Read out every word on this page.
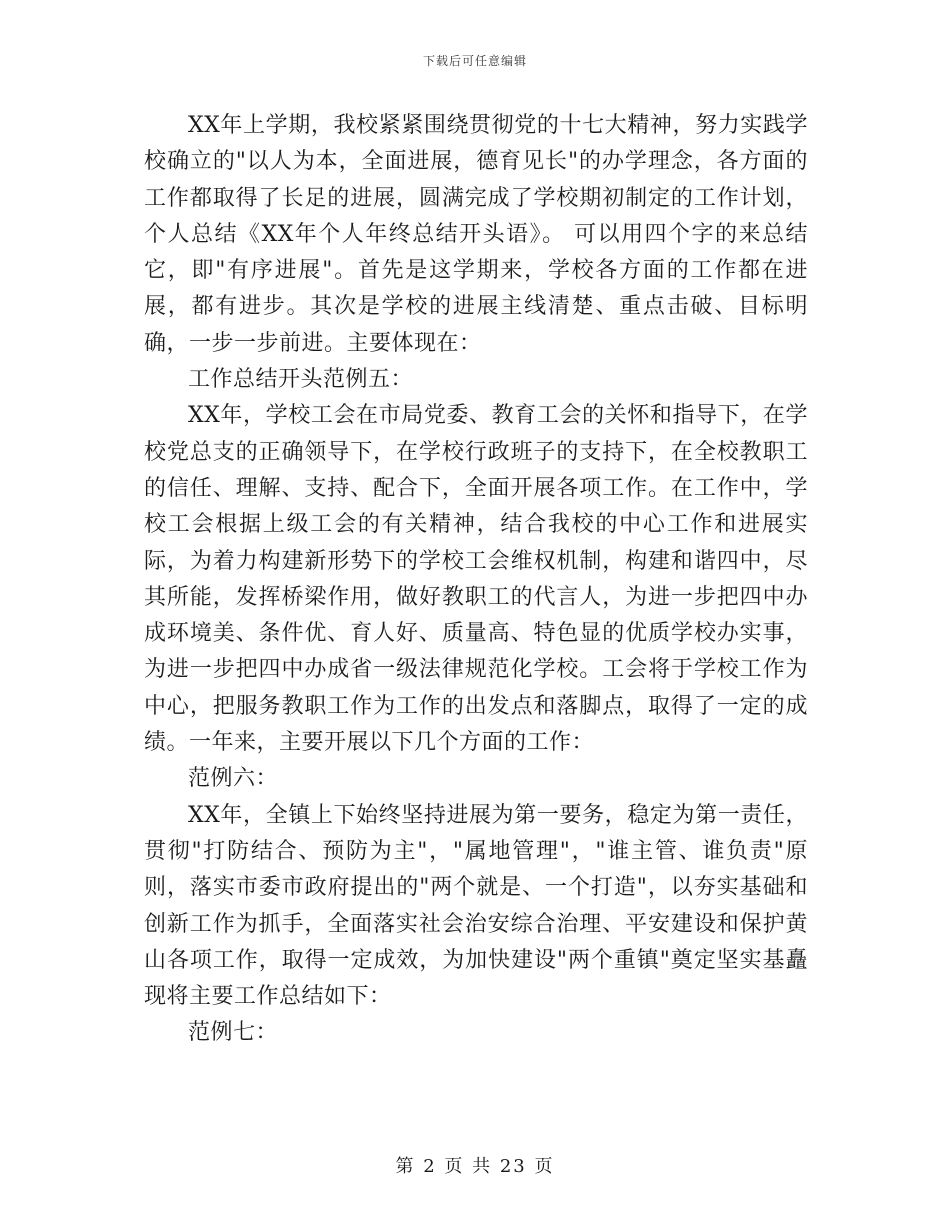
下载后可任意编辑

XX年上学期，我校紧紧围绕贯彻党的十七大精神，努力实践学校确立的"以人为本，全面进展，德育见长"的办学理念，各方面的工作都取得了长足的进展，圆满完成了学校期初制定的工作计划，个人总结《XX年个人年终总结开头语》。 可以用四个字的来总结它，即"有序进展"。首先是这学期来，学校各方面的工作都在进展，都有进步。其次是学校的进展主线清楚、重点击破、目标明确，一步一步前进。主要体现在：

工作总结开头范例五：

XX年，学校工会在市局党委、教育工会的关怀和指导下，在学校党总支的正确领导下，在学校行政班子的支持下，在全校教职工的信任、理解、支持、配合下，全面开展各项工作。在工作中，学校工会根据上级工会的有关精神，结合我校的中心工作和进展实际，为着力构建新形势下的学校工会维权机制，构建和谐四中，尽其所能，发挥桥梁作用，做好教职工的代言人，为进一步把四中办成环境美、条件优、育人好、质量高、特色显的优质学校办实事，为进一步把四中办成省一级法律规范化学校。工会将于学校工作为中心，把服务教职工作为工作的出发点和落脚点，取得了一定的成绩。一年来，主要开展以下几个方面的工作：

范例六：

XX年，全镇上下始终坚持进展为第一要务，稳定为第一责任，贯彻"打防结合、预防为主"，"属地管理"，"谁主管、谁负责"原则，落实市委市政府提出的"两个就是、一个打造"，以夯实基础和创新工作为抓手，全面落实社会治安综合治理、平安建设和保护黄山各项工作，取得一定成效，为加快建设"两个重镇"奠定坚实基矗现将主要工作总结如下：

范例七：

第 2 页 共 23 页
